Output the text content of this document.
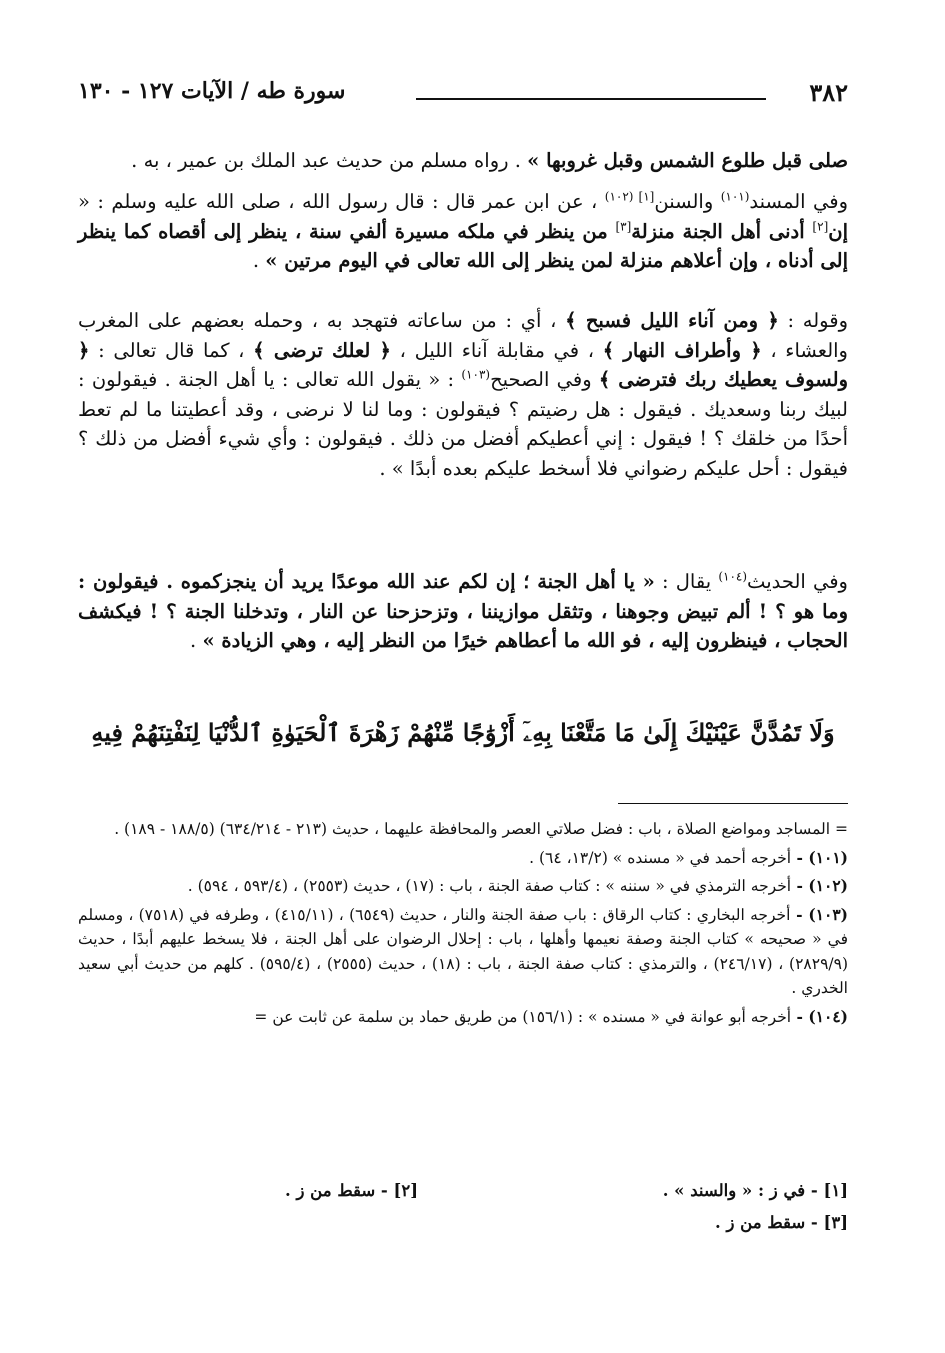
٣٨٢
سورة طه / الآيات ١٢٧ - ١٣٠

صلى قبل طلوع الشمس وقبل غروبها » . رواه مسلم من حديث عبد الملك بن عمير ، به .

وفي المسند$^{(١٠١)}$ والسنن$^{[١] (١٠٢)}$ ، عن ابن عمر قال : قال رسول الله ، صلى الله عليه وسلم : « إن[٢] أدنى أهل الجنة منزلة[٣] من ينظر في ملكه مسيرة ألفي سنة ، ينظر إلى أقصاه كما ينظر إلى أدناه ، وإن أعلاهم منزلة لمن ينظر إلى الله تعالى في اليوم مرتين » .

وقوله : ﴿ ومن آناء الليل فسبح ﴾ ، أي : من ساعاته فتهجد به ، وحمله بعضهم على المغرب والعشاء ، ﴿ وأطراف النهار ﴾ ، في مقابلة آناء الليل ، ﴿ لعلك ترضى ﴾ ، كما قال تعالى : ﴿ ولسوف يعطيك ربك فترضى ﴾ وفي الصحيح$^{(١٠٣)}$ : « يقول الله تعالى : يا أهل الجنة . فيقولون : لبيك ربنا وسعديك . فيقول : هل رضيتم ؟ فيقولون : وما لنا لا نرضى ، وقد أعطيتنا ما لم تعط أحدًا من خلقك ؟ ! فيقول : إني أعطيكم أفضل من ذلك . فيقولون : وأي شيء أفضل من ذلك ؟ فيقول : أحل عليكم رضواني فلا أسخط عليكم بعده أبدًا » .

وفي الحديث$^{(١٠٤)}$ يقال : « يا أهل الجنة ؛ إن لكم عند الله موعدًا يريد أن ينجزكموه . فيقولون : وما هو ؟ ! ألم تبيض وجوهنا ، وتثقل موازيننا ، وتزحزحنا عن النار ، وتدخلنا الجنة ؟ ! فيكشف الحجاب ، فينظرون إليه ، فو الله ما أعطاهم خيرًا من النظر إليه ، وهي الزيادة » .

وَلَا تَمُدَّنَّ عَيْنَيْكَ إِلَىٰ مَا مَتَّعْنَا بِهِۦٓ أَزْوَٰجًا مِّنْهُمْ زَهْرَةَ ٱلْحَيَوٰةِ ٱلدُّنْيَا لِنَفْتِنَهُمْ فِيهِ

= المساجد ومواضع الصلاة ، باب : فضل صلاتي العصر والمحافظة عليهما ، حديث (٢١٣ - ٦٣٤/٢١٤) (١٨٨/٥ - ١٨٩) .

(١٠١) - أخرجه أحمد في « مسنده » (١٣/٢، ٦٤) .

(١٠٢) - أخرجه الترمذي في « سننه » : كتاب صفة الجنة ، باب : (١٧) ، حديث (٢٥٥٣) ، (٥٩٣/٤ ، ٥٩٤) .

(١٠٣) - أخرجه البخاري : كتاب الرقاق : باب صفة الجنة والنار ، حديث (٦٥٤٩) ، (٤١٥/١١) ، وطرفه في (٧٥١٨) ، ومسلم في « صحيحه » كتاب الجنة وصفة نعيمها وأهلها ، باب : إحلال الرضوان على أهل الجنة ، فلا يسخط عليهم أبدًا ، حديث (٢٨٢٩/٩) ، (٢٤٦/١٧) ، والترمذي : كتاب صفة الجنة ، باب : (١٨) ، حديث (٢٥٥٥) ، (٥٩٥/٤) . كلهم من حديث أبي سعيد الخدري .

(١٠٤) - أخرجه أبو عوانة في « مسنده » : (١٥٦/١) من طريق حماد بن سلمة عن ثابت عن =

[١] - في ز : « والسند » .
[٢] - سقط من ز .
[٣] - سقط من ز .
